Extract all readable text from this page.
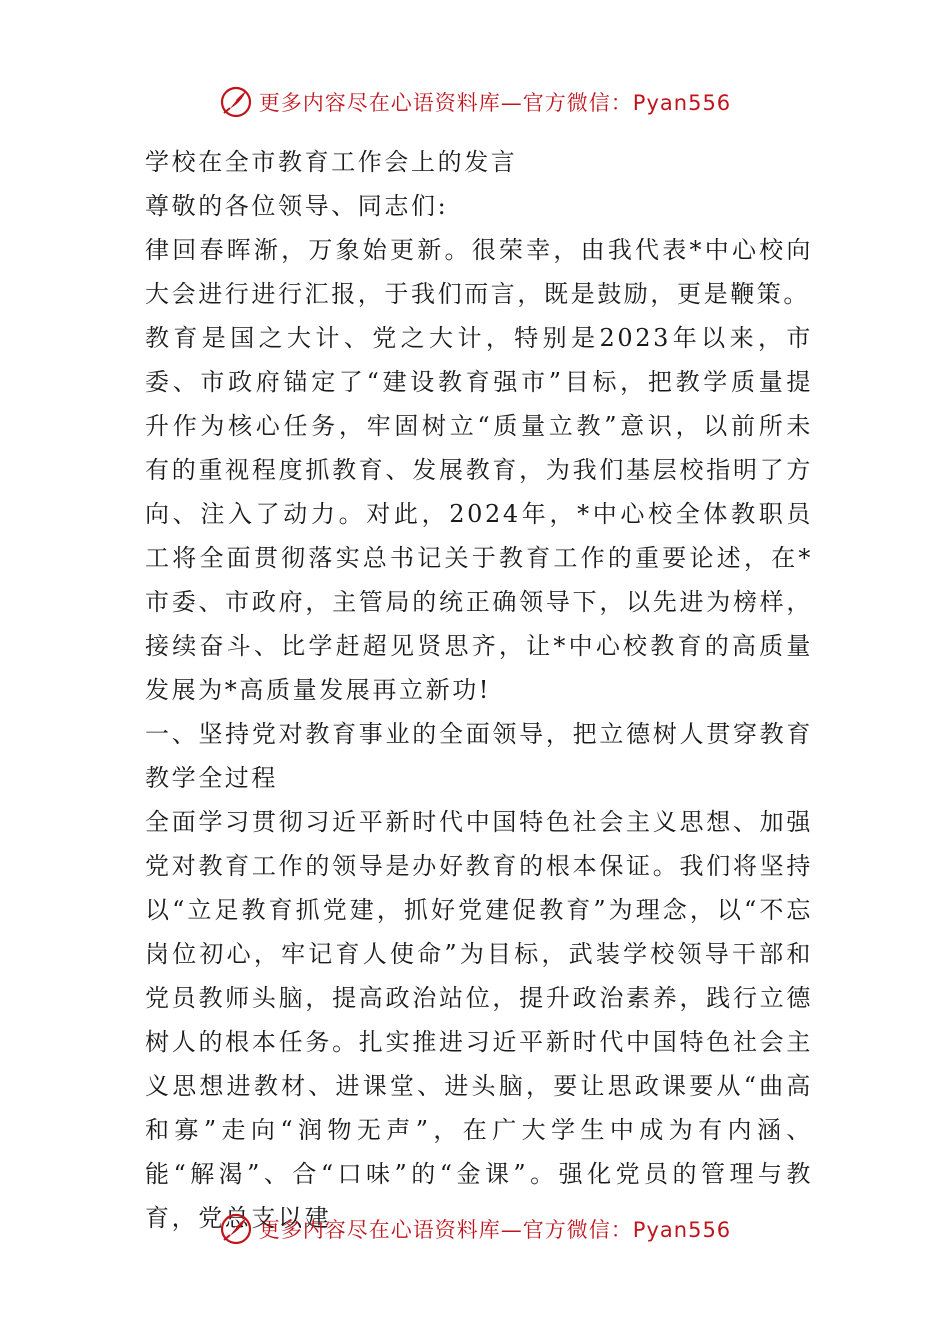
更多内容尽在心语资料库—官方微信：Pyan556

学校在全市教育工作会上的发言

尊敬的各位领导、同志们:

律回春晖渐，万象始更新。很荣幸，由我代表*中心校向大会进行进行汇报，于我们而言，既是鼓励，更是鞭策。

教育是国之大计、党之大计，特别是2023年以来，市委、市政府锚定了“建设教育强市”目标，把教学质量提升作为核心任务，牢固树立“质量立教”意识，以前所未有的重视程度抓教育、发展教育，为我们基层校指明了方向、注入了动力。对此，2024年，*中心校全体教职员工将全面贯彻落实总书记关于教育工作的重要论述，在*市委、市政府，主管局的统正确领导下，以先进为榜样，接续奋斗、比学赶超见贤思齐，让*中心校教育的高质量发展为*高质量发展再立新功!

一、坚持党对教育事业的全面领导，把立德树人贯穿教育教学全过程

全面学习贯彻习近平新时代中国特色社会主义思想、加强党对教育工作的领导是办好教育的根本保证。我们将坚持以“立足教育抓党建，抓好党建促教育”为理念，以“不忘岗位初心，牢记育人使命”为目标，武装学校领导干部和党员教师头脑，提高政治站位，提升政治素养，践行立德树人的根本任务。扎实推进习近平新时代中国特色社会主义思想进教材、进课堂、进头脑，要让思政课要从“曲高和寡”走向“润物无声”，在广大学生中成为有内涵、能“解渴”、合“口味”的“金课”。强化党员的管理与教育，党总支以建

更多内容尽在心语资料库—官方微信：Pyan556
